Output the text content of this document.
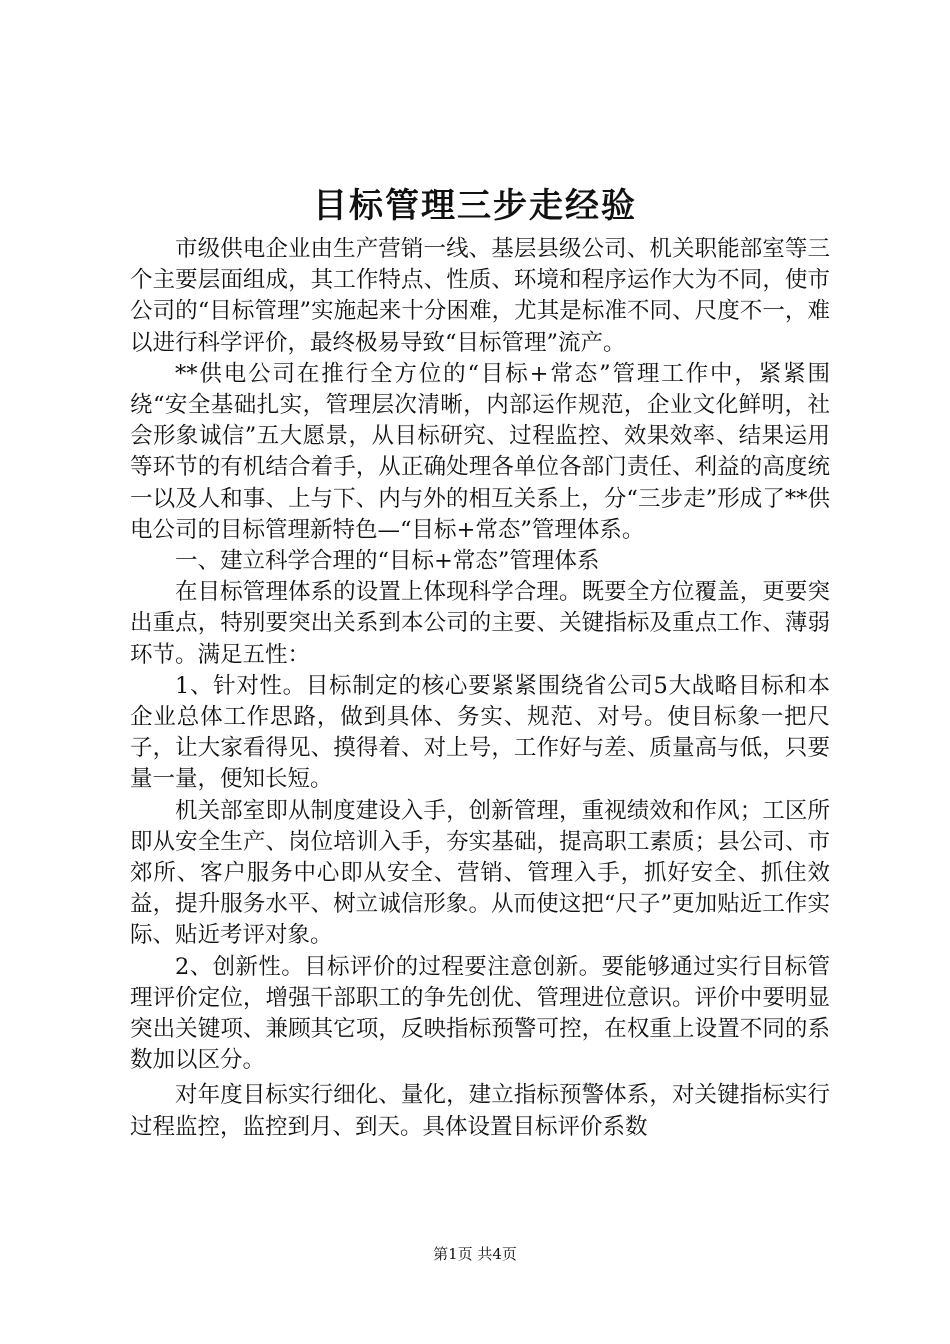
目标管理三步走经验

市级供电企业由生产营销一线、基层县级公司、机关职能部室等三个主要层面组成，其工作特点、性质、环境和程序运作大为不同，使市公司的“目标管理”实施起来十分困难，尤其是标准不同、尺度不一，难以进行科学评价，最终极易导致“目标管理”流产。

**供电公司在推行全方位的“目标+常态”管理工作中，紧紧围绕“安全基础扎实，管理层次清晰，内部运作规范，企业文化鲜明，社会形象诚信”五大愿景，从目标研究、过程监控、效果效率、结果运用等环节的有机结合着手，从正确处理各单位各部门责任、利益的高度统一以及人和事、上与下、内与外的相互关系上，分“三步走”形成了**供电公司的目标管理新特色—“目标+常态”管理体系。

一、建立科学合理的“目标+常态”管理体系

在目标管理体系的设置上体现科学合理。既要全方位覆盖，更要突出重点，特别要突出关系到本公司的主要、关键指标及重点工作、薄弱环节。满足五性：

1、针对性。目标制定的核心要紧紧围绕省公司5大战略目标和本企业总体工作思路，做到具体、务实、规范、对号。使目标象一把尺子，让大家看得见、摸得着、对上号，工作好与差、质量高与低，只要量一量，便知长短。

机关部室即从制度建设入手，创新管理，重视绩效和作风；工区所即从安全生产、岗位培训入手，夯实基础，提高职工素质；县公司、市郊所、客户服务中心即从安全、营销、管理入手，抓好安全、抓住效益，提升服务水平、树立诚信形象。从而使这把“尺子”更加贴近工作实际、贴近考评对象。

2、创新性。目标评价的过程要注意创新。要能够通过实行目标管理评价定位，增强干部职工的争先创优、管理进位意识。评价中要明显突出关键项、兼顾其它项，反映指标预警可控，在权重上设置不同的系数加以区分。

对年度目标实行细化、量化，建立指标预警体系，对关键指标实行过程监控，监控到月、到天。具体设置目标评价系数

第1页 共4页
